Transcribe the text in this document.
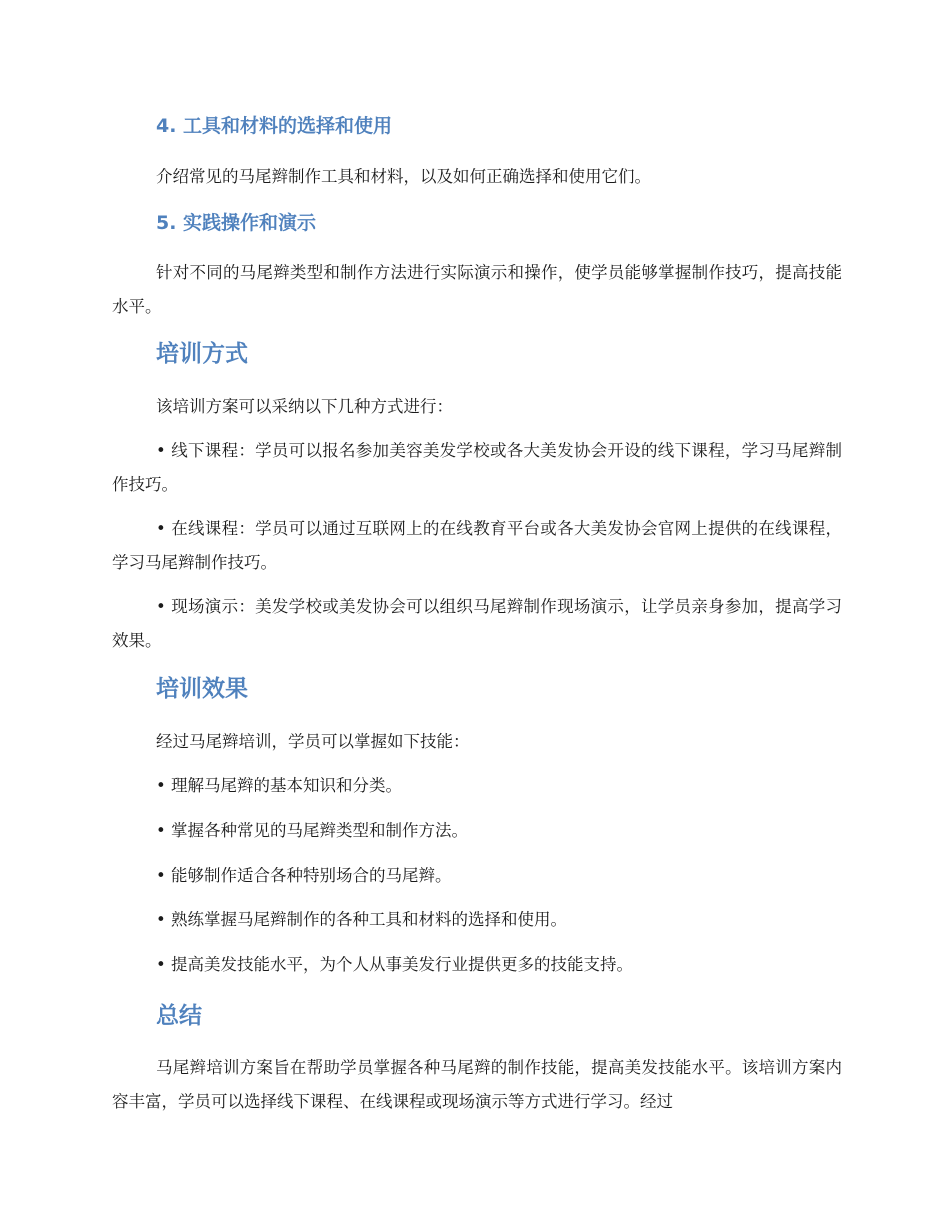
4. 工具和材料的选择和使用

介绍常见的马尾辫制作工具和材料，以及如何正确选择和使用它们。

5. 实践操作和演示

针对不同的马尾辫类型和制作方法进行实际演示和操作，使学员能够掌握制作技巧，提高技能水平。

培训方式

该培训方案可以采纳以下几种方式进行：

• 线下课程：学员可以报名参加美容美发学校或各大美发协会开设的线下课程，学习马尾辫制作技巧。

• 在线课程：学员可以通过互联网上的在线教育平台或各大美发协会官网上提供的在线课程，学习马尾辫制作技巧。

• 现场演示：美发学校或美发协会可以组织马尾辫制作现场演示，让学员亲身参加，提高学习效果。

培训效果

经过马尾辫培训，学员可以掌握如下技能：

• 理解马尾辫的基本知识和分类。

• 掌握各种常见的马尾辫类型和制作方法。

• 能够制作适合各种特别场合的马尾辫。

• 熟练掌握马尾辫制作的各种工具和材料的选择和使用。

• 提高美发技能水平，为个人从事美发行业提供更多的技能支持。

总结

马尾辫培训方案旨在帮助学员掌握各种马尾辫的制作技能，提高美发技能水平。该培训方案内容丰富，学员可以选择线下课程、在线课程或现场演示等方式进行学习。经过
